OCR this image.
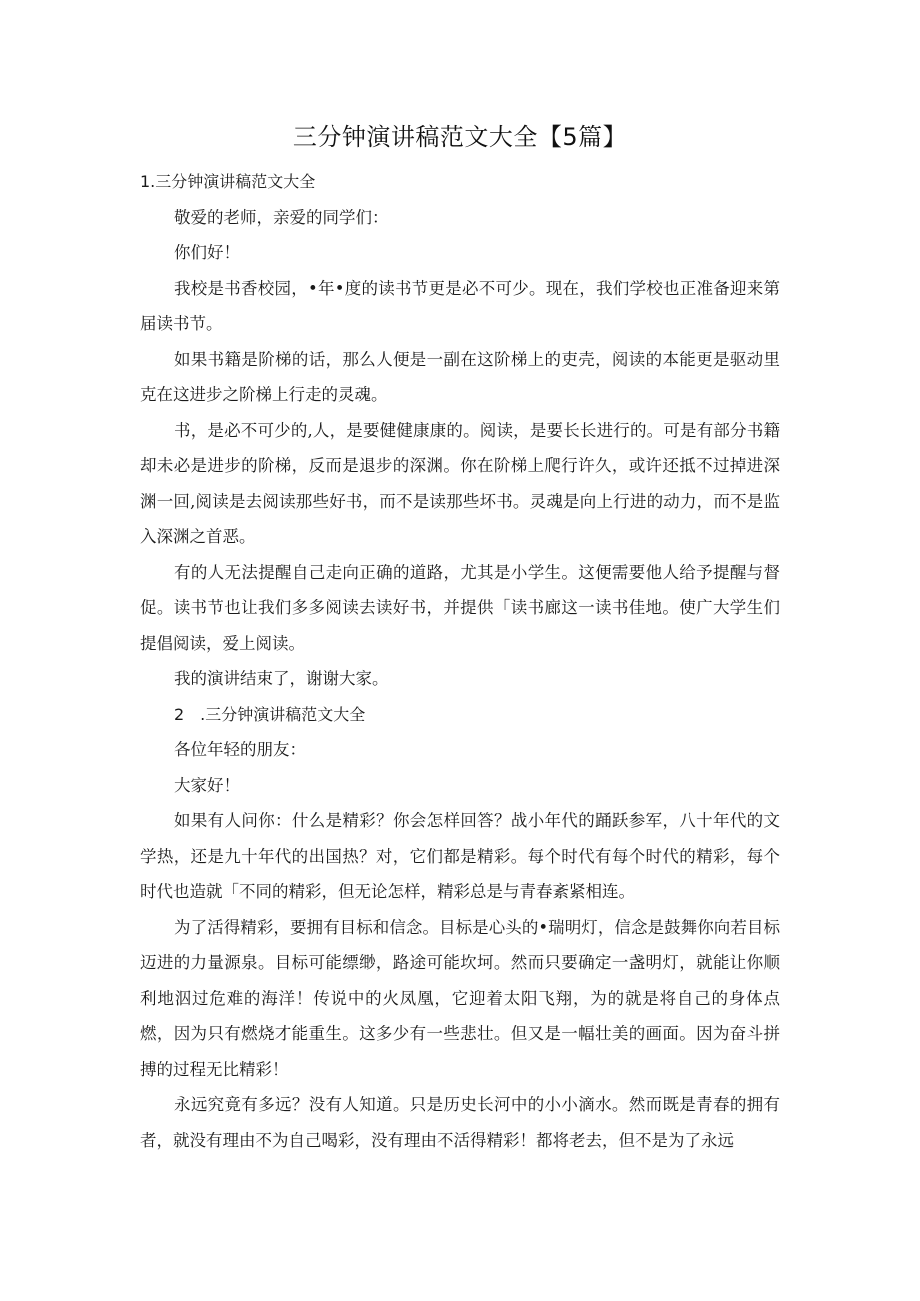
三分钟演讲稿范文大全【5篇】

1.三分钟演讲稿范文大全

敬爱的老师，亲爱的同学们：

你们好！

我校是书香校园，•年•度的读书节更是必不可少。现在，我们学校也正准备迎来第届读书节。

如果书籍是阶梯的话，那么人便是一副在这阶梯上的吏壳，阅读的本能更是驱动里克在这进步之阶梯上行走的灵魂。

书，是必不可少的,人，是要健健康康的。阅读，是要长长进行的。可是有部分书籍却未必是进步的阶梯，反而是退步的深渊。你在阶梯上爬行许久，或许还抵不过掉进深渊一回,阅读是去阅读那些好书，而不是读那些坏书。灵魂是向上行进的动力，而不是监入深渊之首恶。

有的人无法提醒自己走向正确的道路，尤其是小学生。这便需要他人给予提醒与督促。读书节也让我们多多阅读去读好书，并提供「读书廊这一读书佳地。使广大学生们提倡阅读，爱上阅读。

我的演讲结束了，谢谢大家。

2　.三分钟演讲稿范文大全

各位年轻的朋友：

大家好！

如果有人问你：什么是精彩？你会怎样回答？战小年代的踊跃参军，八十年代的文学热，还是九十年代的出国热？对，它们都是精彩。每个时代有每个时代的精彩，每个时代也造就「不同的精彩，但无论怎样，精彩总是与青春紊紧相连。

为了活得精彩，要拥有目标和信念。目标是心头的•瑞明灯，信念是鼓舞你向若目标迈进的力量源泉。目标可能缥缈，路途可能坎坷。然而只要确定一盏明灯，就能让你顺利地泅过危难的海洋！传说中的火凤凰，它迎着太阳飞翔，为的就是将自己的身体点燃，因为只有燃烧才能重生。这多少有一些悲壮。但又是一幅壮美的画面。因为奋斗拼搏的过程无比精彩！

永远究竟有多远？没有人知道。只是历史长河中的小小滴水。然而既是青春的拥有者，就没有理由不为自己喝彩，没有理由不活得精彩！都将老去，但不是为了永远
